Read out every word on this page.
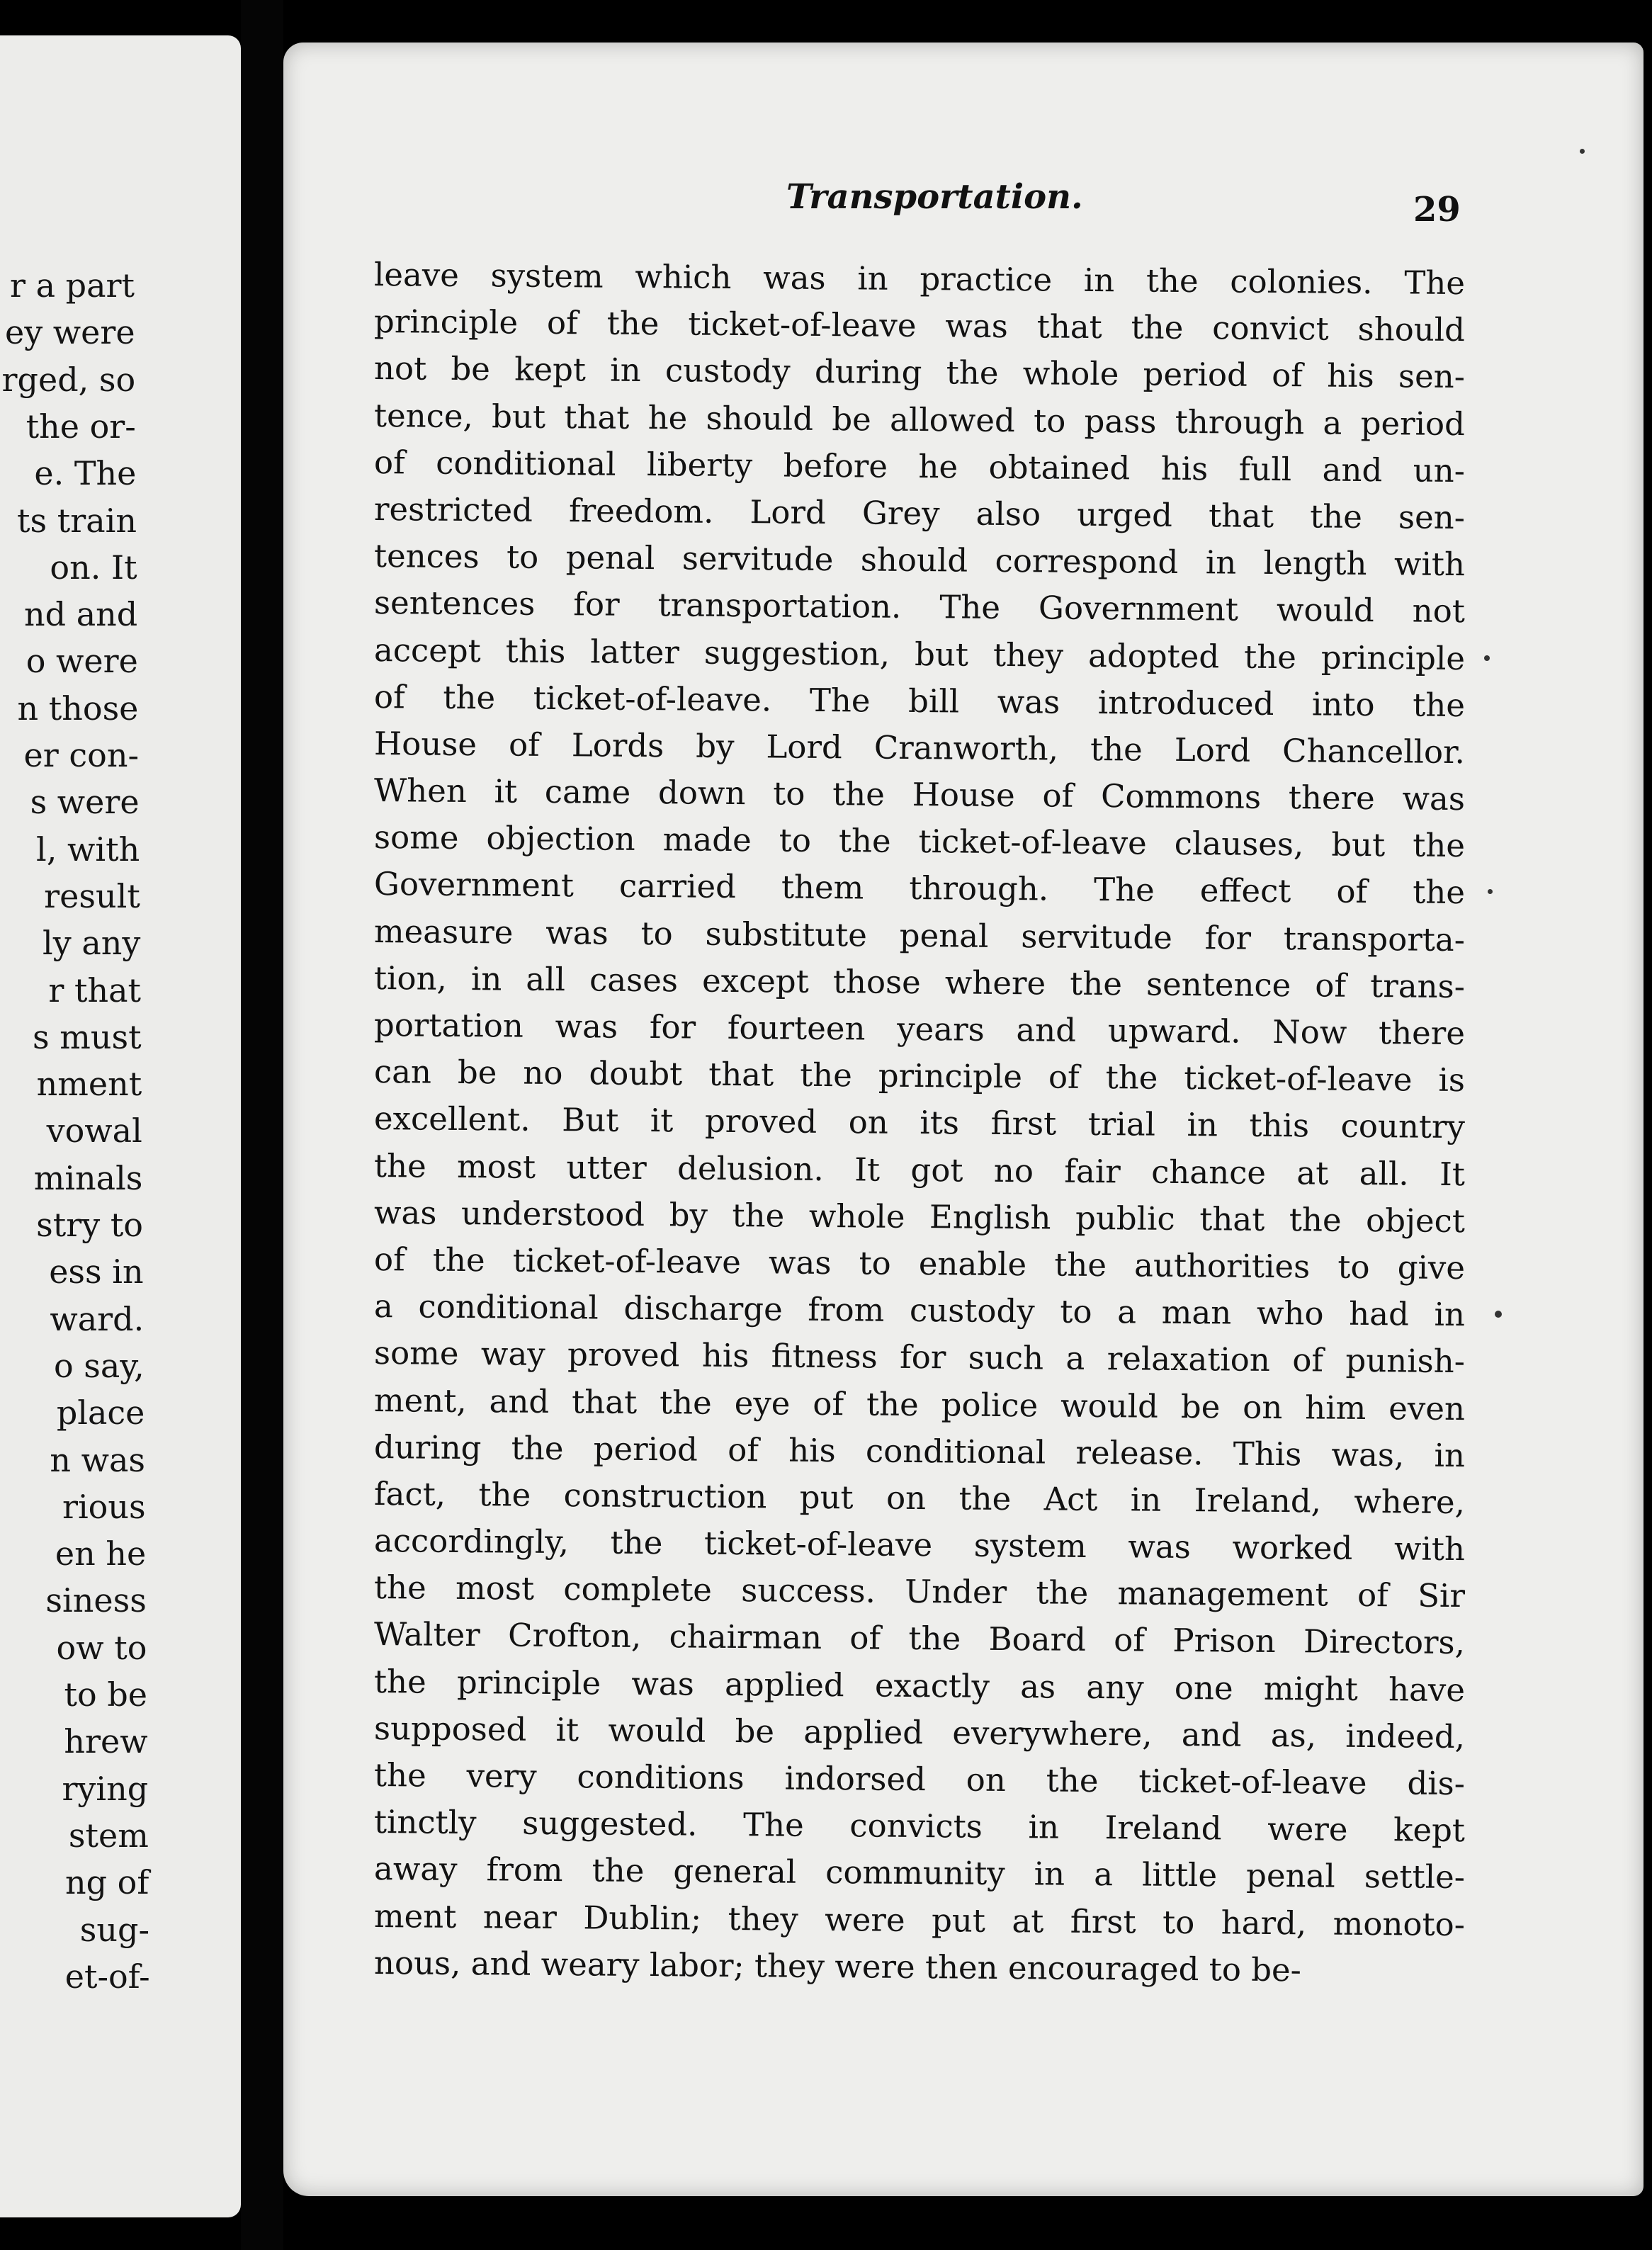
r a part
ey were
rged, so
the or-
e. The
ts train
on. It
nd and
o were
n those
er con-
s were
l, with
result
ly any
r that
s must
nment
vowal
minals
stry to
ess in
ward.
o say,
place
n was
rious
en he
siness
ow to
to be
hrew
rying
stem
ng of
sug-
et-of-
Transportation.	29
leave system which was in practice in the colonies. The
principle of the ticket-of-leave was that the convict should
not be kept in custody during the whole period of his sen-
tence, but that he should be allowed to pass through a period
of conditional liberty before he obtained his full and un-
restricted freedom. Lord Grey also urged that the sen-
tences to penal servitude should correspond in length with
sentences for transportation. The Government would not
accept this latter suggestion, but they adopted the principle
of the ticket-of-leave. The bill was introduced into the
House of Lords by Lord Cranworth, the Lord Chancellor.
When it came down to the House of Commons there was
some objection made to the ticket-of-leave clauses, but the
Government carried them through. The effect of the
measure was to substitute penal servitude for transporta-
tion, in all cases except those where the sentence of trans-
portation was for fourteen years and upward. Now there
can be no doubt that the principle of the ticket-of-leave is
excellent. But it proved on its first trial in this country
the most utter delusion. It got no fair chance at all. It
was understood by the whole English public that the object
of the ticket-of-leave was to enable the authorities to give
a conditional discharge from custody to a man who had in
some way proved his fitness for such a relaxation of punish-
ment, and that the eye of the police would be on him even
during the period of his conditional release. This was, in
fact, the construction put on the Act in Ireland, where,
accordingly, the ticket-of-leave system was worked with
the most complete success. Under the management of Sir
Walter Crofton, chairman of the Board of Prison Directors,
the principle was applied exactly as any one might have
supposed it would be applied everywhere, and as, indeed,
the very conditions indorsed on the ticket-of-leave dis-
tinctly suggested. The convicts in Ireland were kept
away from the general community in a little penal settle-
ment near Dublin; they were put at first to hard, monoto-
nous, and weary labor; they were then encouraged to be-
